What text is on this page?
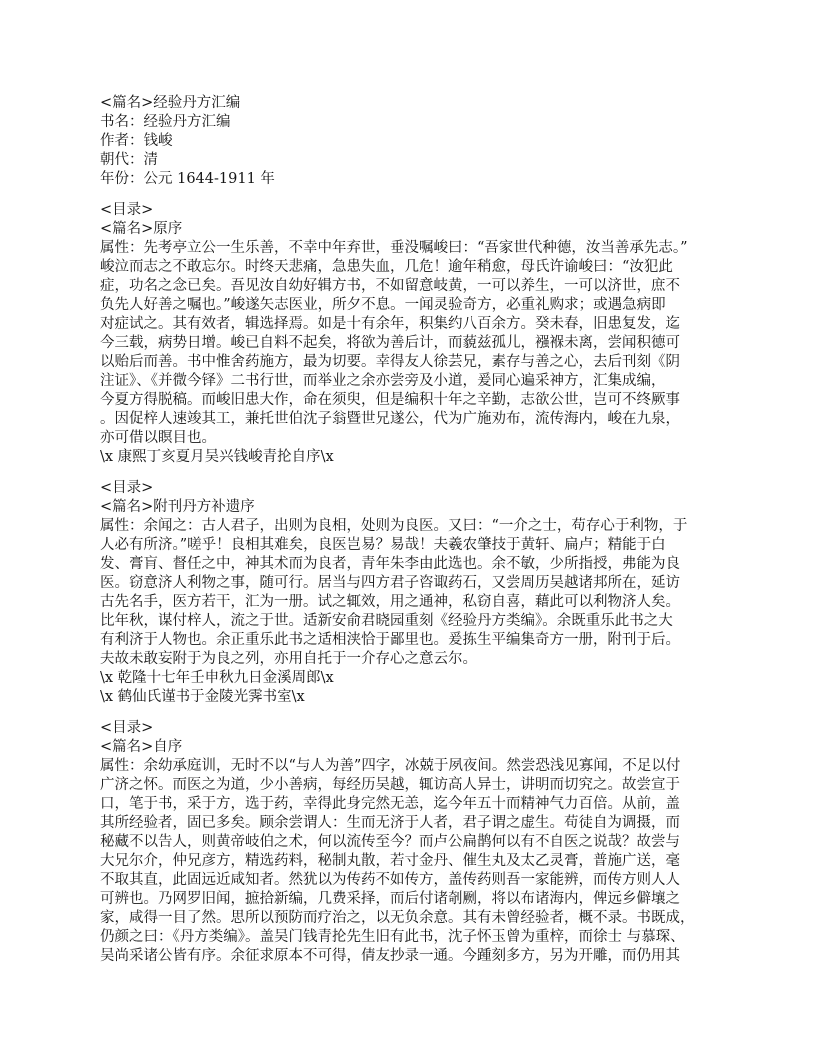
<篇名>经验丹方汇编
书名：经验丹方汇编
作者：钱峻
朝代：清
年份：公元 1644-1911 年
<目录>
<篇名>原序
属性：先考亭立公一生乐善，不幸中年弃世，垂没嘱峻曰：“吾家世代种德，汝当善承先志。”
峻泣而志之不敢忘尔。时终天悲痛，急患失血，几危！逾年稍愈，母氏许谕峻曰：“汝犯此
症，功名之念已矣。吾见汝自幼好辑方书，不如留意岐黄，一可以养生，一可以济世，庶不
负先人好善之嘱也。”峻遂矢志医业，所夕不息。一闻灵验奇方，必重礼购求；或遇急病即
对症试之。其有效者，辑选择焉。如是十有余年，积集约八百余方。癸未春，旧患复发，迄
今三载，病势日增。峻已自料不起矣，将欲为善后计，而藐兹孤儿，襁褓未离，尝闻积德可
以贻后而善。书中惟舍药施方，最为切要。幸得友人徐芸兄，素存与善之心，去后刊刻《阴
注证》、《并微今铎》二书行世，而举业之余亦尝旁及小道，爰同心遍采神方，汇集成编，
今夏方得脱稿。而峻旧患大作，命在须臾，但是编积十年之辛勤，志欲公世，岂可不终厥事
。因促梓人速竣其工，兼托世伯沈子翁暨世兄遂公，代为广施劝布，流传海内，峻在九泉，
亦可借以瞑目也。
\x 康熙丁亥夏月吴兴钱峻青抡自序\x
<目录>
<篇名>附刊丹方补遗序
属性：余闻之：古人君子，出则为良相，处则为良医。又曰：“一介之士，苟存心于利物，于
人必有所济。”嗟乎！良相其难矣，良医岂易？易哉！夫羲农肇技于黄轩、扁卢；精能于白
发、膏肓、督任之中，神其术而为良者，青年朱李由此选也。余不敏，少所指授，弗能为良
医。窃意济人利物之事，随可行。居当与四方君子咨诹药石，又尝周历吴越诸邦所在，延访
古先名手，医方若干，汇为一册。试之辄效，用之通神，私窃自喜，藉此可以利物济人矣。
比年秋，谋付梓人，流之于世。适新安俞君晓园重刻《经验丹方类编》。余既重乐此书之大
有利济于人物也。余正重乐此书之适相浃恰于鄙里也。爰拣生平编集奇方一册，附刊于后。
夫故未敢妄附于为良之列，亦用自托于一介存心之意云尔。
\x 乾隆十七年壬申秋九日金溪周郎\x
\x 鹤仙氏谨书于金陵光霁书室\x
<目录>
<篇名>自序
属性：余幼承庭训，无时不以“与人为善”四字，冰兢于夙夜间。然尝恐浅见寡闻，不足以付
广济之怀。而医之为道，少小善病，每经历吴越，辄访高人异士，讲明而切究之。故尝宣于
口，笔于书，采于方，选于药，幸得此身完然无恙，迄今年五十而精神气力百倍。从前，盖
其所经验者，固已多矣。顾余尝谓人：生而无济于人者，君子谓之虚生。苟徒自为调摄，而
秘藏不以告人，则黄帝岐伯之术，何以流传至今？而卢公扁鹊何以有不自医之说哉？故尝与
大兄尔介，仲兄彦方，精选药料，秘制丸散，若寸金丹、催生丸及太乙灵膏，普施广送，毫
不取其直，此固远近咸知者。然犹以为传药不如传方，盖传药则吾一家能辨，而传方则人人
可辨也。乃网罗旧闻，摭拾新编，几费采择，而后付诸剞劂，将以布诸海内，俾远乡僻壤之
家，咸得一目了然。思所以预防而疗治之，以无负余意。其有未曾经验者，概不录。书既成，
仍颜之曰：《丹方类编》。盖吴门钱青抡先生旧有此书，沈子怀玉曾为重梓，而徐士 与慕琛、
吴尚采诸公皆有序。余征求原本不可得，倩友抄录一通。今踵刻多方，另为开雕，而仍用其
